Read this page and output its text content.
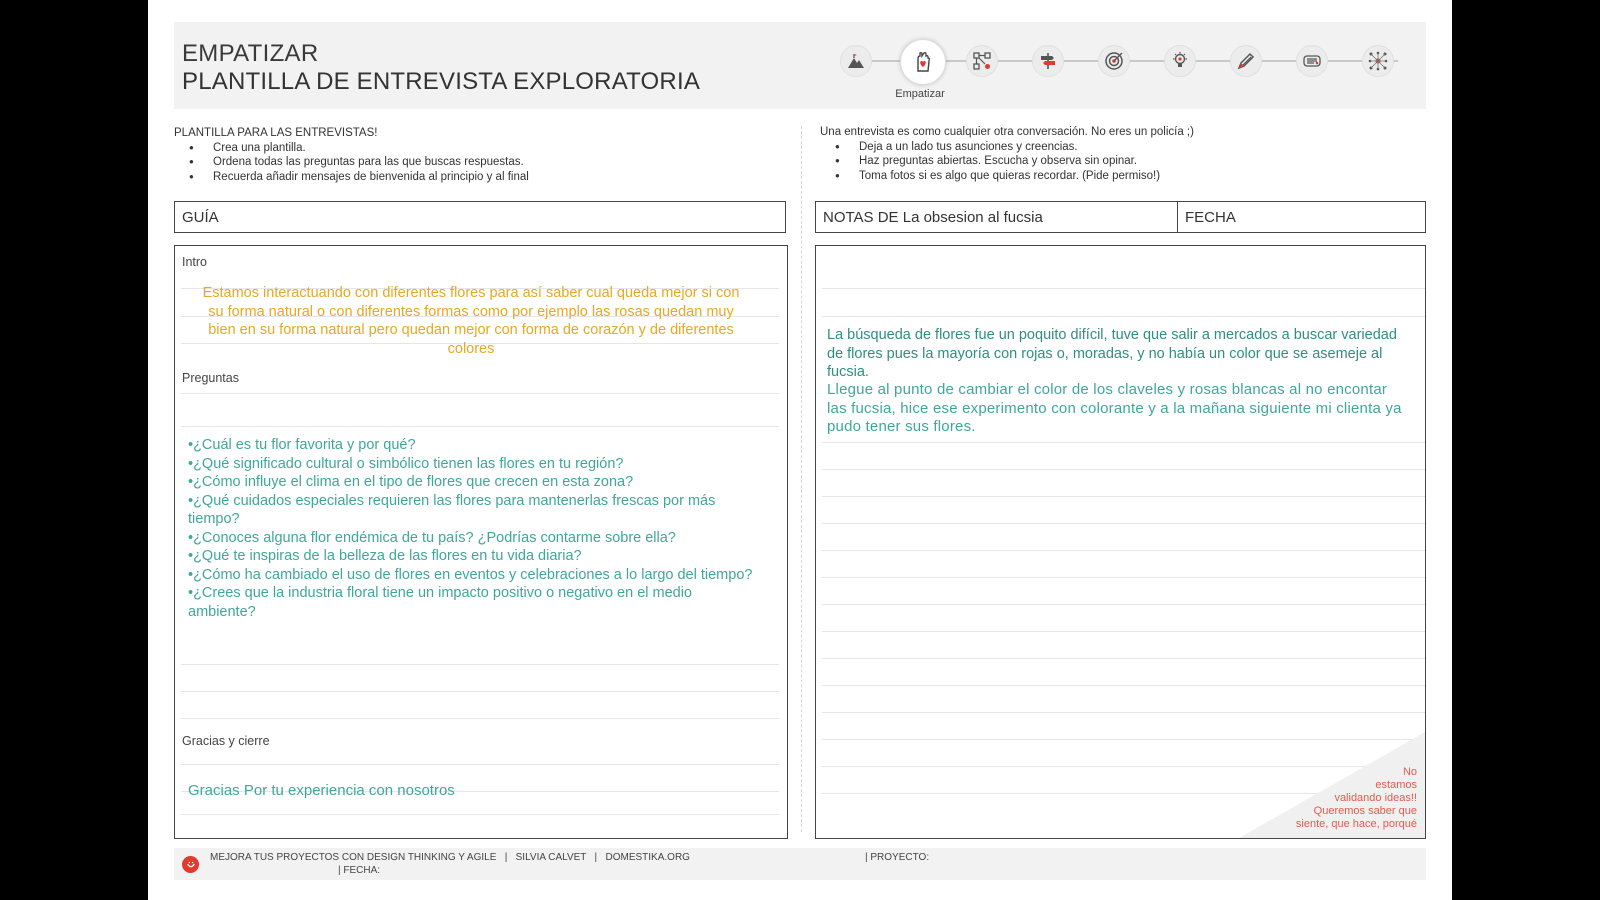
EMPATIZAR
PLANTILLA DE ENTREVISTA EXPLORATORIA	Empatizar
PLANTILLA PARA LAS ENTREVISTAS!
● Crea una plantilla.
● Ordena todas las preguntas para las que buscas respuestas.
● Recuerda añadir mensajes de bienvenida al principio y al final
Una entrevista es como cualquier otra conversación. No eres un policía ;)
● Deja a un lado tus asunciones y creencias.
● Haz preguntas abiertas. Escucha y observa sin opinar.
● Toma fotos si es algo que quieras recordar. (Pide permiso!)
GUÍA	NOTAS DE La obsesion al fucsia	FECHA
Intro
Estamos interactuando con diferentes flores para así saber cual queda mejor si con su forma natural o con diferentes formas como por ejemplo las rosas quedan muy bien en su forma natural pero quedan mejor con forma de corazón y de diferentes colores
Preguntas
•¿Cuál es tu flor favorita y por qué?
•¿Qué significado cultural o simbólico tienen las flores en tu región?
•¿Cómo influye el clima en el tipo de flores que crecen en esta zona?
•¿Qué cuidados especiales requieren las flores para mantenerlas frescas por más tiempo?
•¿Conoces alguna flor endémica de tu país? ¿Podrías contarme sobre ella?
•¿Qué te inspiras de la belleza de las flores en tu vida diaria?
•¿Cómo ha cambiado el uso de flores en eventos y celebraciones a lo largo del tiempo?
•¿Crees que la industria floral tiene un impacto positivo o negativo en el medio ambiente?
Gracias y cierre
Gracias Por tu experiencia con nosotros
La búsqueda de flores fue un poquito difícil, tuve que salir a mercados a buscar variedad de flores pues la mayoría con rojas o, moradas, y no había un color que se asemeje al fucsia.
Llegue al punto de cambiar el color de los claveles y rosas blancas al no encontar las fucsia, hice ese experimento con colorante y a la mañana siguiente mi clienta ya pudo tener sus flores.
No
estamos
validando ideas!!
Queremos saber que
siente, que hace, porqué
MEJORA TUS PROYECTOS CON DESIGN THINKING Y AGILE   |   SILVIA CALVET   |   DOMESTIKA.ORG
| FECHA:
| PROYECTO:
